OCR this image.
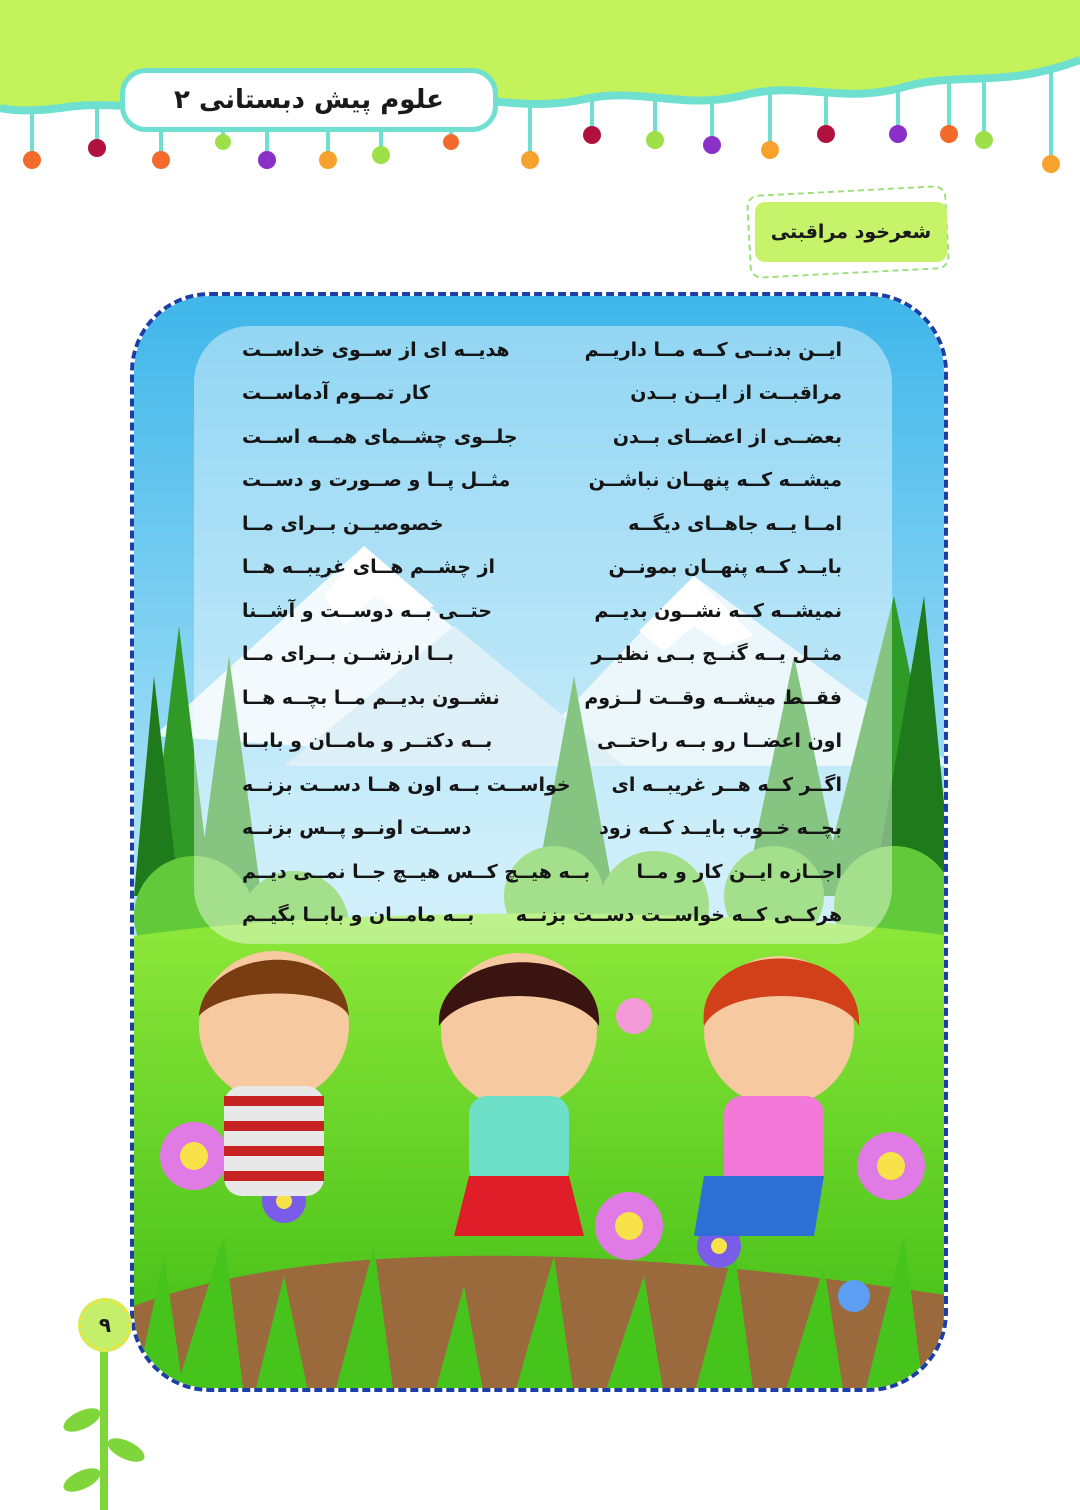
علوم پیش دبستانی ۲
شعرخود مراقبتی
ایــن بدنــی کــه مــا داریــم
هدیــه ای از ســوی خداســت
مراقبــت از ایــن بــدن
کار تمــوم آدماســت
بعضــی از اعضــای بــدن
جلــوی چشــمای همــه اســت
میشــه کــه پنهــان نباشــن
مثــل پــا و صــورت و دســت
امــا یــه جاهــای دیگــه
خصوصیــن بــرای مــا
بایــد کــه پنهــان بمونــن
از چشــم هــای غریبــه هــا
نمیشــه کــه نشــون بدیــم
حتــی بــه دوســت و آشــنا
مثــل یــه گنــج بــی نظیــر
بــا ارزشــن بــرای مــا
فقــط میشــه وقــت لــزوم
نشــون بدیــم مــا بچــه هــا
اون اعضــا رو بــه راحتــی
بــه دکتــر و مامــان و بابــا
اگــر کــه هــر غریبــه ای
خواســت بــه اون هــا دســت بزنــه
بچــه خــوب بایــد کــه زود
دســت اونــو پــس بزنــه
اجــازه ایــن کار و مــا
بــه هیــچ کــس هیــچ جــا نمــی دیــم
هرکــی کــه خواســت دســت بزنــه
بــه مامــان و بابــا بگیــم
۹
